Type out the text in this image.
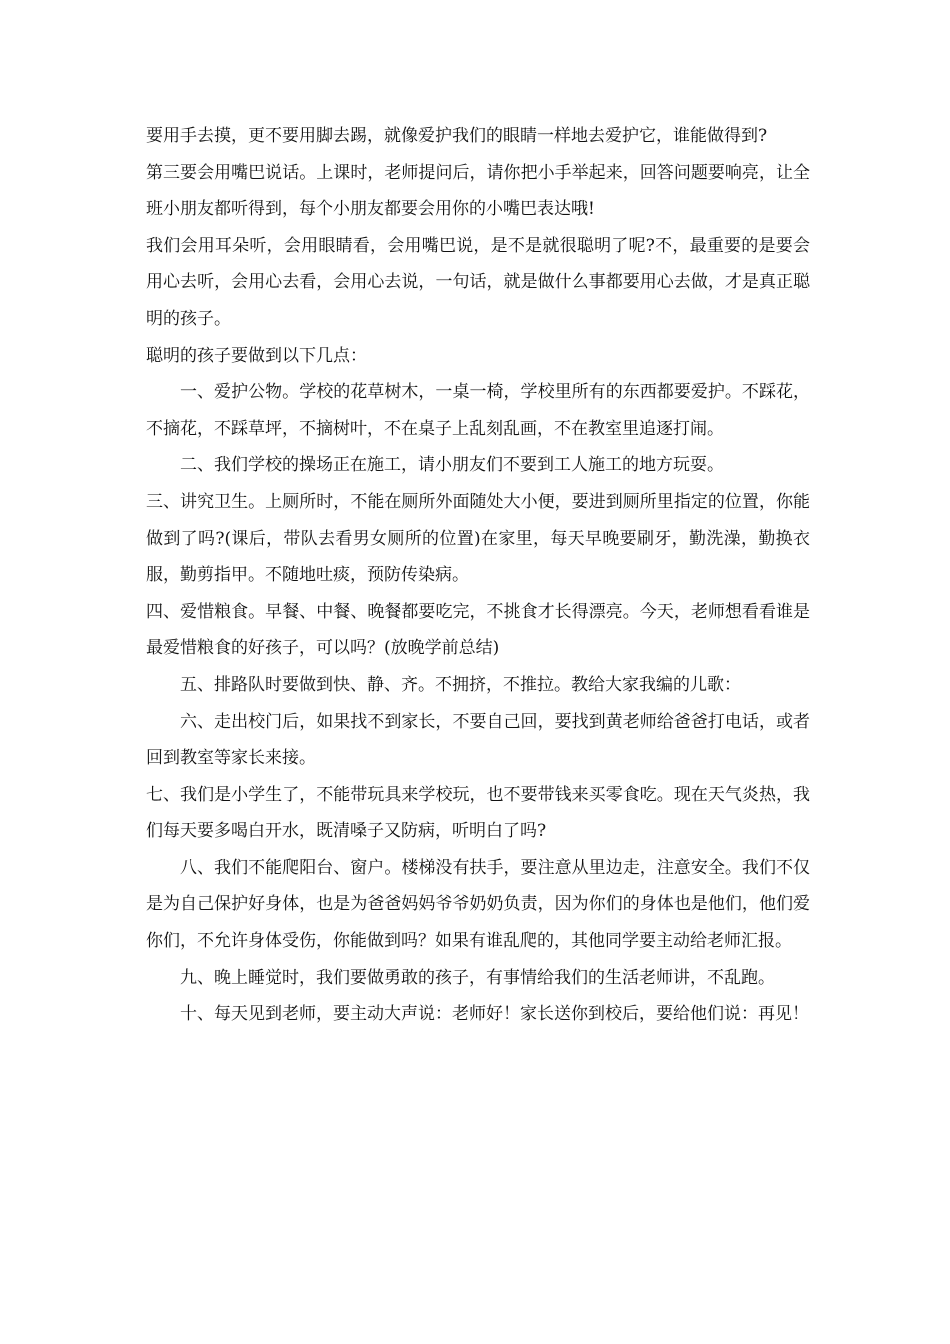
要用手去摸，更不要用脚去踢，就像爱护我们的眼睛一样地去爱护它，谁能做得到?

第三要会用嘴巴说话。上课时，老师提问后，请你把小手举起来，回答问题要响亮，让全班小朋友都听得到，每个小朋友都要会用你的小嘴巴表达哦!

我们会用耳朵听，会用眼睛看，会用嘴巴说，是不是就很聪明了呢?不，最重要的是要会用心去听，会用心去看，会用心去说，一句话，就是做什么事都要用心去做，才是真正聪明的孩子。

聪明的孩子要做到以下几点：

一、爱护公物。学校的花草树木，一桌一椅，学校里所有的东西都要爱护。不踩花，不摘花，不踩草坪，不摘树叶，不在桌子上乱刻乱画，不在教室里追逐打闹。

二、我们学校的操场正在施工，请小朋友们不要到工人施工的地方玩耍。

三、讲究卫生。上厕所时，不能在厕所外面随处大小便，要进到厕所里指定的位置，你能做到了吗?(课后，带队去看男女厕所的位置)在家里，每天早晚要刷牙，勤洗澡，勤换衣服，勤剪指甲。不随地吐痰，预防传染病。

四、爱惜粮食。早餐、中餐、晚餐都要吃完，不挑食才长得漂亮。今天，老师想看看谁是最爱惜粮食的好孩子，可以吗？(放晚学前总结)

五、排路队时要做到快、静、齐。不拥挤，不推拉。教给大家我编的儿歌：

六、走出校门后，如果找不到家长，不要自己回，要找到黄老师给爸爸打电话，或者回到教室等家长来接。

七、我们是小学生了，不能带玩具来学校玩，也不要带钱来买零食吃。现在天气炎热，我们每天要多喝白开水，既清嗓子又防病，听明白了吗?

八、我们不能爬阳台、窗户。楼梯没有扶手，要注意从里边走，注意安全。我们不仅是为自己保护好身体，也是为爸爸妈妈爷爷奶奶负责，因为你们的身体也是他们，他们爱你们，不允许身体受伤，你能做到吗？如果有谁乱爬的，其他同学要主动给老师汇报。

九、晚上睡觉时，我们要做勇敢的孩子，有事情给我们的生活老师讲，不乱跑。

十、每天见到老师，要主动大声说：老师好！家长送你到校后，要给他们说：再见！
